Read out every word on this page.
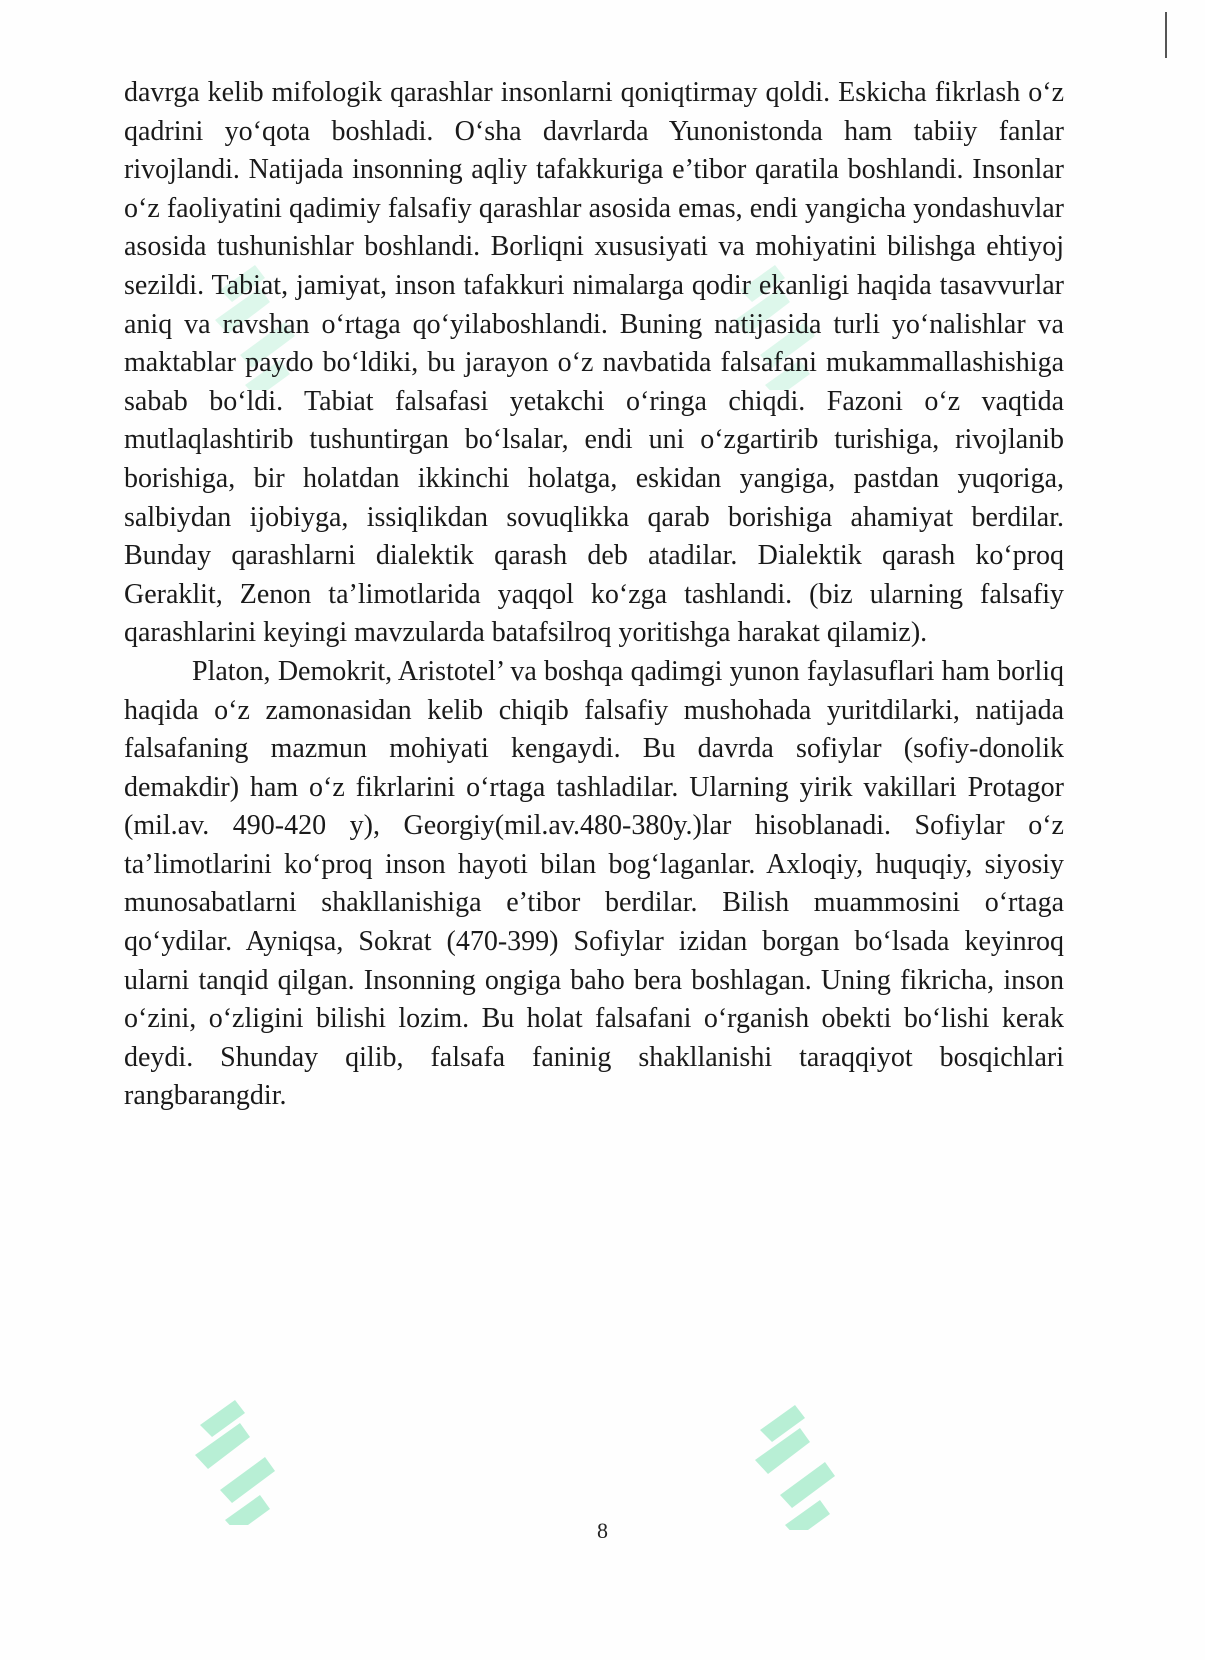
davrga kelib mifologik qarashlar insonlarni qoniqtirmay qoldi. Eskicha fikrlash o‘z qadrini yo‘qota boshladi. O‘sha davrlarda Yunonistonda ham tabiiy fanlar rivojlandi. Natijada insonning aqliy tafakkuriga e’tibor qaratila boshlandi. Insonlar o‘z faoliyatini qadimiy falsafiy qarashlar asosida emas, endi yangicha yondashuvlar asosida tushunishlar boshlandi. Borliqni xususiyati va mohiyatini bilishga ehtiyoj sezildi. Tabiat, jamiyat, inson tafakkuri nimalarga qodir ekanligi haqida tasavvurlar aniq va ravshan o‘rtaga qo‘yilaboshlandi. Buning natijasida turli yo‘nalishlar va maktablar paydo bo‘ldiki, bu jarayon o‘z navbatida falsafani mukammallashishiga sabab bo‘ldi. Tabiat falsafasi yetakchi o‘ringa chiqdi. Fazoni o‘z vaqtida mutlaqlashtirib tushuntirgan bo‘lsalar, endi uni o‘zgartirib turishiga, rivojlanib borishiga, bir holatdan ikkinchi holatga, eskidan yangiga, pastdan yuqoriga, salbiydan ijobiyga, issiqlikdan sovuqlikka qarab borishiga ahamiyat berdilar. Bunday qarashlarni dialektik qarash deb atadilar. Dialektik qarash ko‘proq Geraklit, Zenon ta’limotlarida yaqqol ko‘zga tashlandi. (biz ularning falsafiy qarashlarini keyingi mavzularda batafsilroq yoritishga harakat qilamiz).

Platon, Demokrit, Aristotel’ va boshqa qadimgi yunon faylasuflari ham borliq haqida o‘z zamonasidan kelib chiqib falsafiy mushohada yuritdilarki, natijada falsafaning mazmun mohiyati kengaydi. Bu davrda sofiylar (sofiy-donolik demakdir) ham o‘z fikrlarini o‘rtaga tashladilar. Ularning yirik vakillari Protagor (mil.av. 490-420 y), Georgiy(mil.av.480-380y.)lar hisoblanadi. Sofiylar o‘z ta’limotlarini ko‘proq inson hayoti bilan bog‘laganlar. Axloqiy, huquqiy, siyosiy munosabatlarni shakllanishiga e’tibor berdilar. Bilish muammosini o‘rtaga qo‘ydilar. Ayniqsa, Sokrat (470-399) Sofiylar izidan borgan bo‘lsada keyinroq ularni tanqid qilgan. Insonning ongiga baho bera boshlagan. Uning fikricha, inson o‘zini, o‘zligini bilishi lozim. Bu holat falsafani o‘rganish obekti bo‘lishi kerak deydi. Shunday qilib, falsafa faninig shakllanishi taraqqiyot bosqichlari rangbarangdir.

8
